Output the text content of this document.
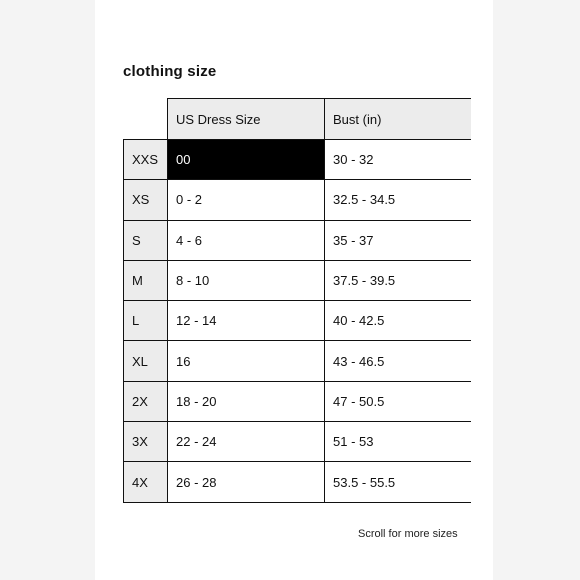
clothing size
	US Dress Size	Bust (in)
XXS	00	30 - 32
XS	0 - 2	32.5 - 34.5
S	4 - 6	35 - 37
M	8 - 10	37.5 - 39.5
L	12 - 14	40 - 42.5
XL	16	43 - 46.5
2X	18 - 20	47 - 50.5
3X	22 - 24	51 - 53
4X	26 - 28	53.5 - 55.5
Scroll for more sizes
